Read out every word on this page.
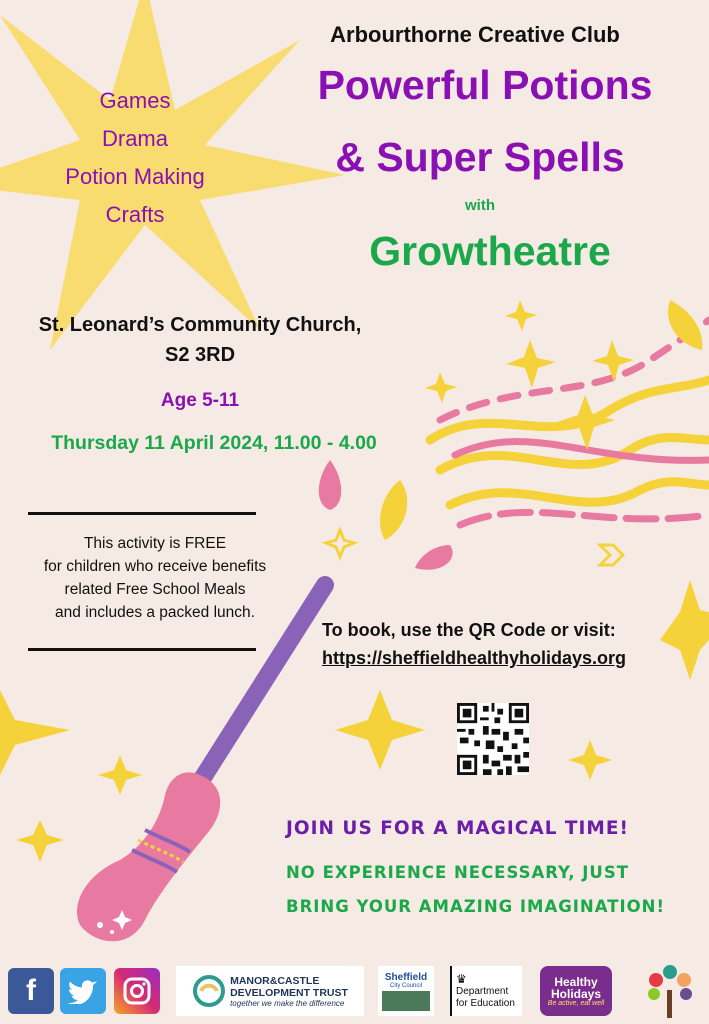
Games
Drama
Potion Making
Crafts
Arbourthorne Creative Club
Powerful Potions
& Super Spells
with
Growtheatre
St. Leonard’s Community Church,
S2 3RD
Age 5-11
Thursday 11 April 2024, 11.00 - 4.00
This activity is FREE
for children who receive benefits
related Free School Meals
and includes a packed lunch.
To book, use the QR Code or visit:
https://sheffieldhealthyholidays.org
JOIN US FOR A MAGICAL TIME!
NO EXPERIENCE NECESSARY, JUST
BRING YOUR AMAZING IMAGINATION!
f	MANOR&CASTLE
DEVELOPMENT TRUST
together we make the difference
Sheffield
City Council	♛
Department
for Education
Healthy
Holidays
Be active, eat well
